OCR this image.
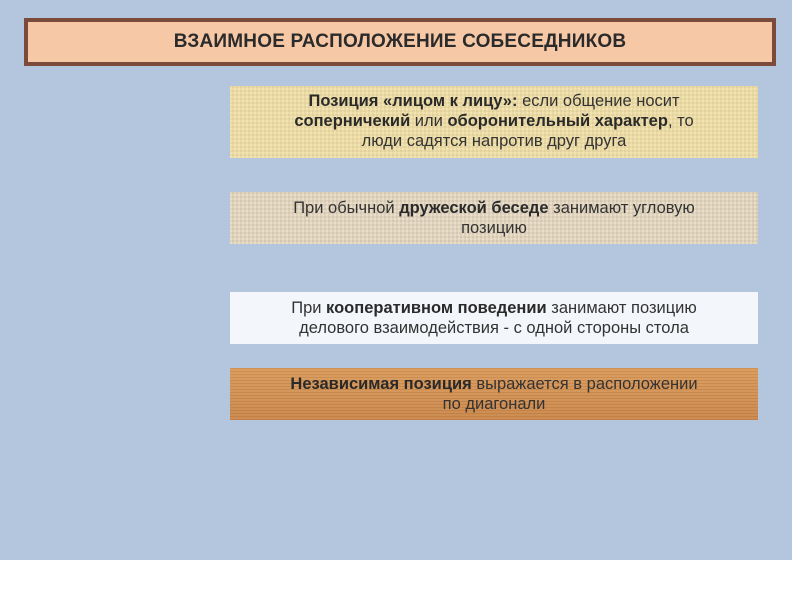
ВЗАИМНОЕ РАСПОЛОЖЕНИЕ СОБЕСЕДНИКОВ
Позиция «лицом к лицу»: если общение носит
соперничекий или оборонительный характер, то
люди садятся напротив друг друга
При обычной дружеской беседе занимают угловую
позицию
При кооперативном поведении занимают позицию
делового взаимодействия - с одной стороны стола
Независимая позиция выражается в расположении
по диагонали
